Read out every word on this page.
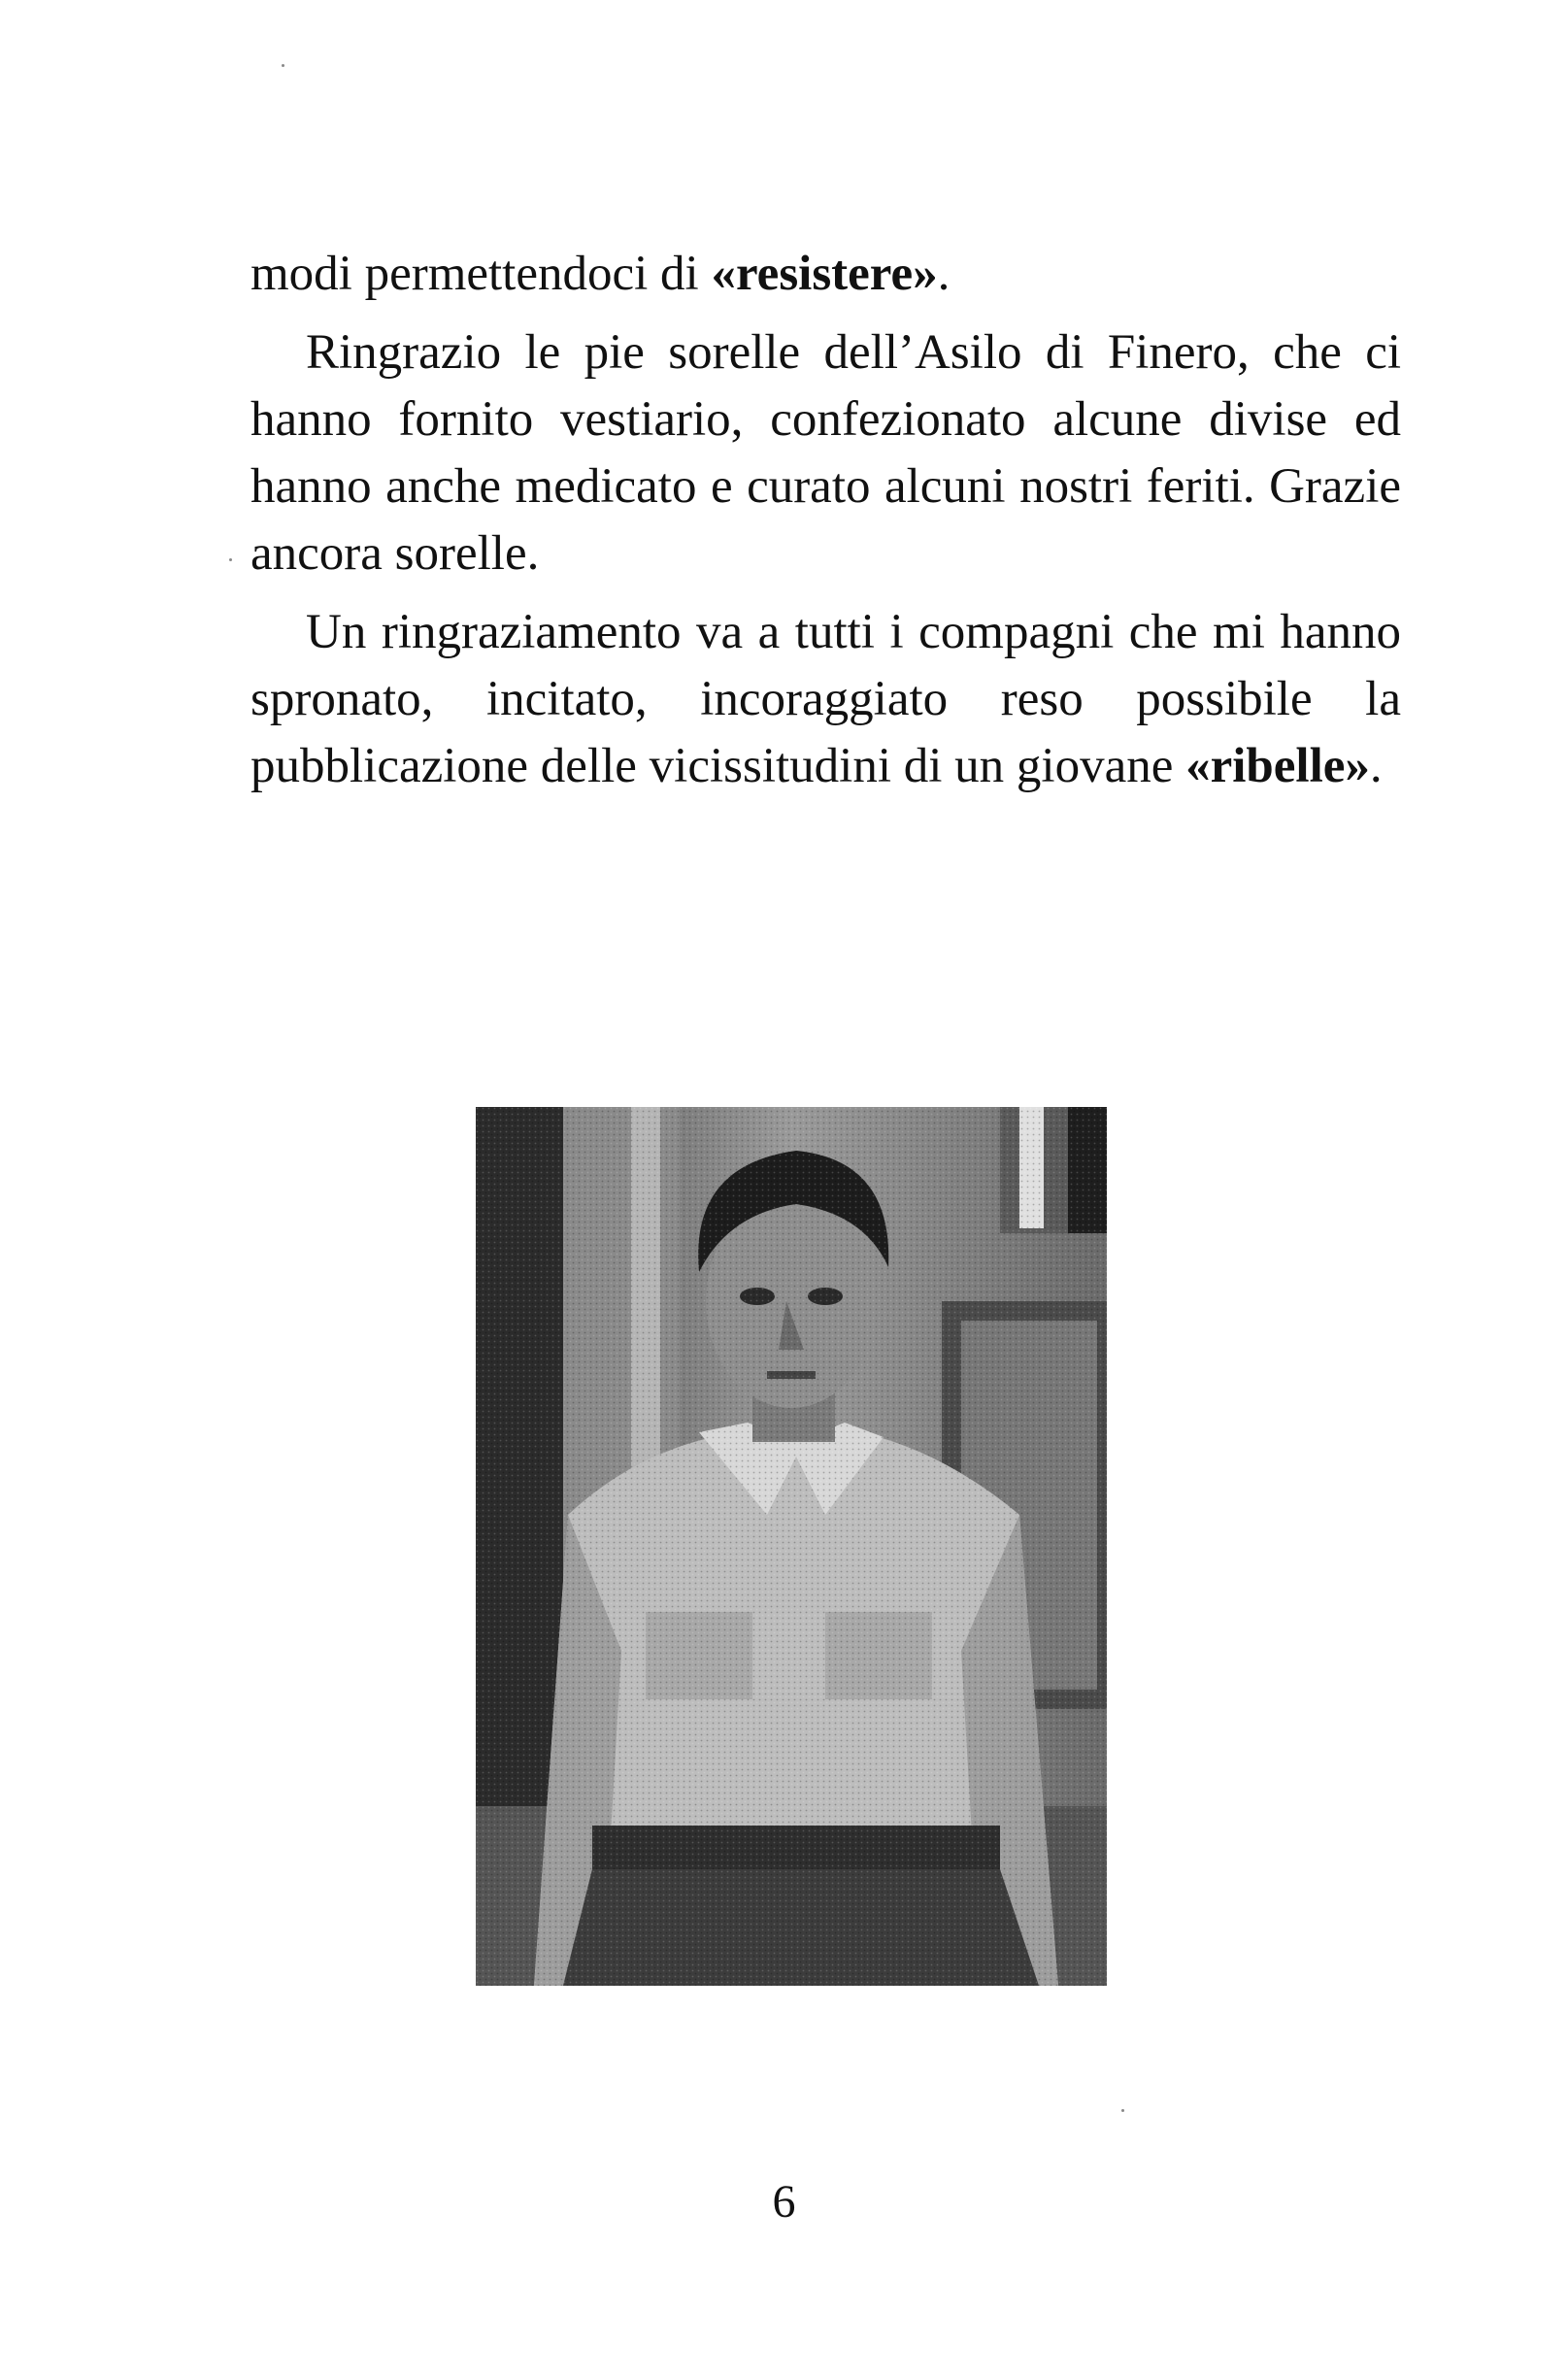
modi permettendoci di «resistere».

Ringrazio le pie sorelle dell’Asilo di Finero, che ci hanno fornito vestiario, confezionato alcune divise ed hanno anche medicato e curato alcuni nostri feriti. Grazie ancora sorelle.

Un ringraziamento va a tutti i compagni che mi hanno spronato, incitato, incoraggiato reso possibile la pubblicazione delle vicissitudini di un giovane «ribelle».

6
